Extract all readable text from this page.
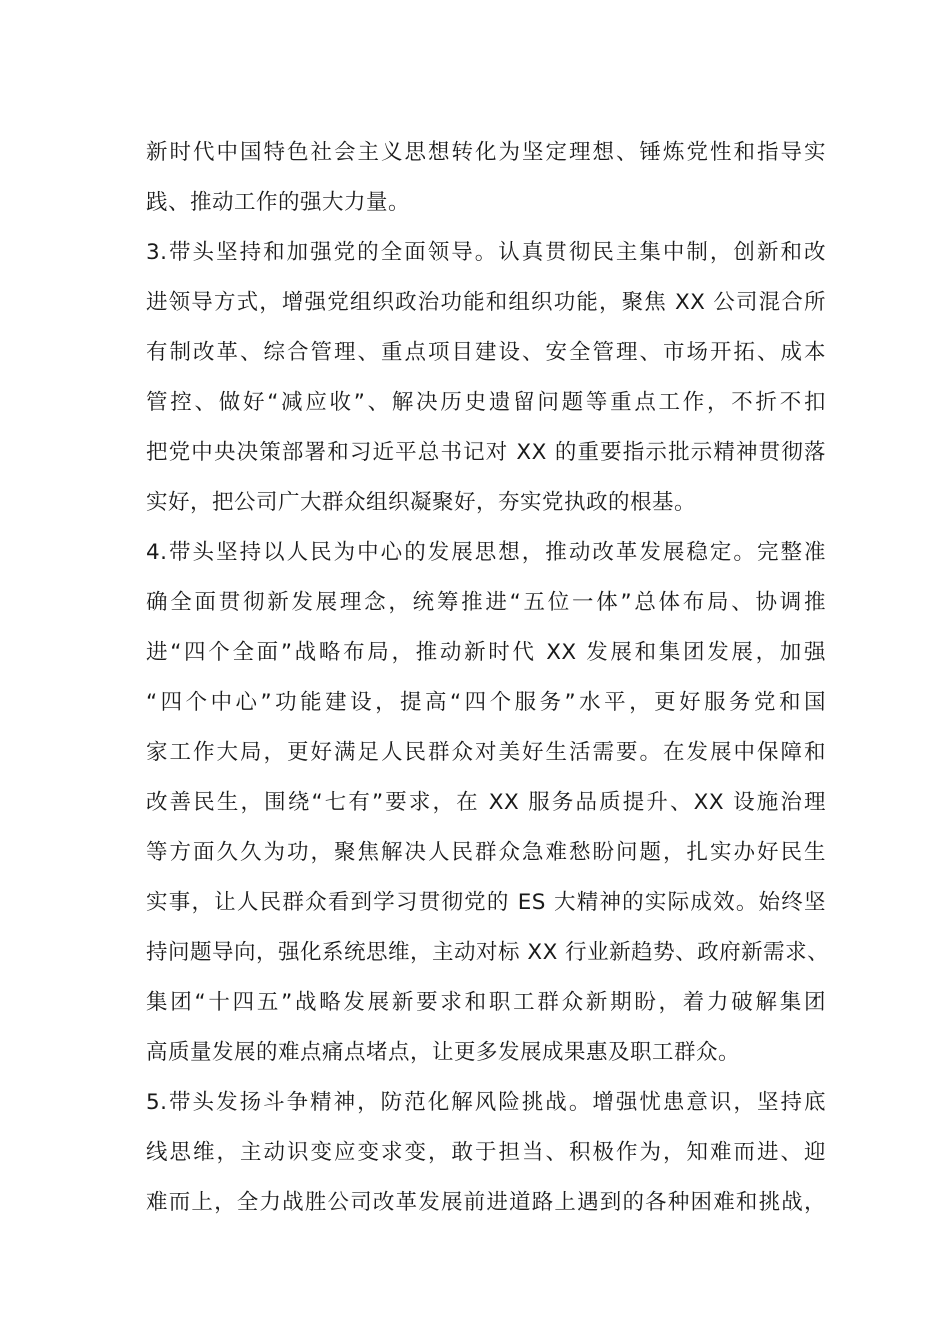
新时代中国特色社会主义思想转化为坚定理想、锤炼党性和指导实
践、推动工作的强大力量。
3.带头坚持和加强党的全面领导。认真贯彻民主集中制，创新和改
进领导方式，增强党组织政治功能和组织功能，聚焦 XX 公司混合所
有制改革、综合管理、重点项目建设、安全管理、市场开拓、成本
管控、做好“减应收”、解决历史遗留问题等重点工作，不折不扣
把党中央决策部署和习近平总书记对 XX 的重要指示批示精神贯彻落
实好，把公司广大群众组织凝聚好，夯实党执政的根基。
4.带头坚持以人民为中心的发展思想，推动改革发展稳定。完整准
确全面贯彻新发展理念，统筹推进“五位一体”总体布局、协调推
进“四个全面”战略布局，推动新时代 XX 发展和集团发展，加强
“四个中心”功能建设，提高“四个服务”水平，更好服务党和国
家工作大局，更好满足人民群众对美好生活需要。在发展中保障和
改善民生，围绕“七有”要求，在 XX 服务品质提升、XX 设施治理
等方面久久为功，聚焦解决人民群众急难愁盼问题，扎实办好民生
实事，让人民群众看到学习贯彻党的 ES 大精神的实际成效。始终坚
持问题导向，强化系统思维，主动对标 XX 行业新趋势、政府新需求、
集团“十四五”战略发展新要求和职工群众新期盼，着力破解集团
高质量发展的难点痛点堵点，让更多发展成果惠及职工群众。
5.带头发扬斗争精神，防范化解风险挑战。增强忧患意识，坚持底
线思维，主动识变应变求变，敢于担当、积极作为，知难而进、迎
难而上，全力战胜公司改革发展前进道路上遇到的各种困难和挑战，
